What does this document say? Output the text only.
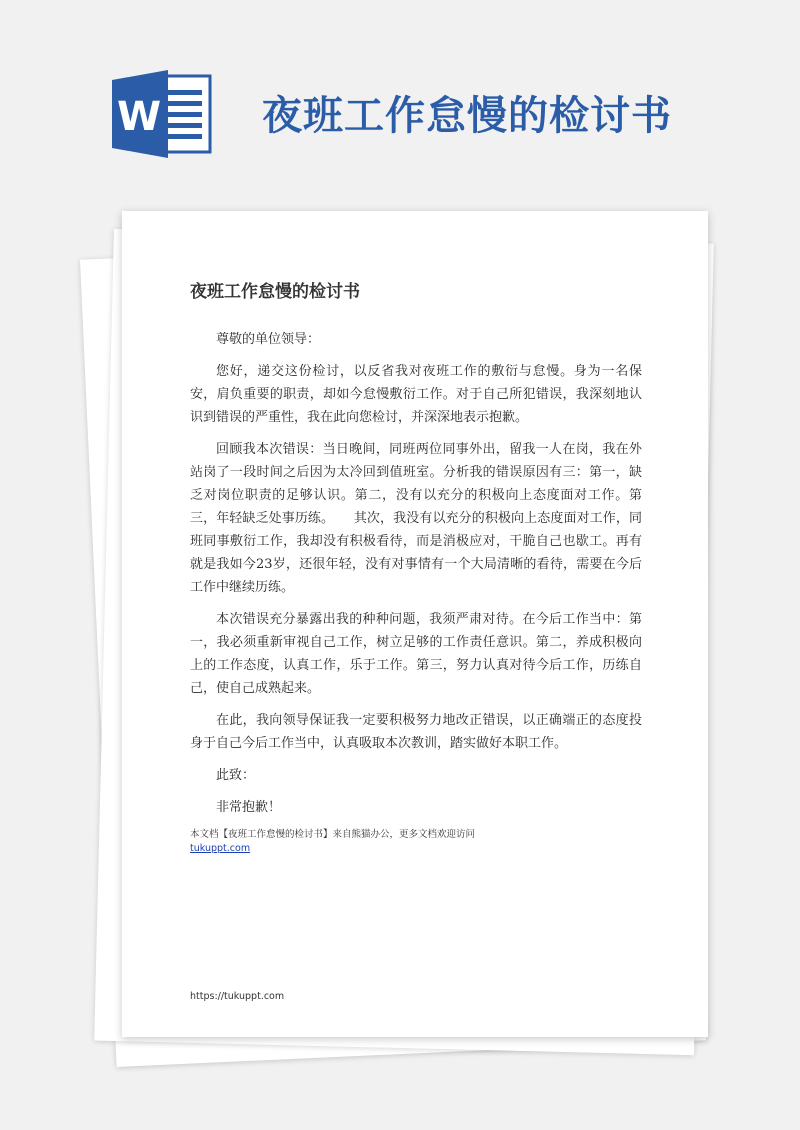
W	夜班工作怠慢的检讨书
夜班工作怠慢的检讨书

尊敬的单位领导：

您好，递交这份检讨，以反省我对夜班工作的敷衍与怠慢。身为一名保安，肩负重要的职责，却如今怠慢敷衍工作。对于自己所犯错误，我深刻地认识到错误的严重性，我在此向您检讨，并深深地表示抱歉。

回顾我本次错误：当日晚间，同班两位同事外出，留我一人在岗，我在外站岗了一段时间之后因为太冷回到值班室。分析我的错误原因有三：第一，缺乏对岗位职责的足够认识。第二，没有以充分的积极向上态度面对工作。第三，年轻缺乏处事历练。　　其次，我没有以充分的积极向上态度面对工作，同班同事敷衍工作，我却没有积极看待，而是消极应对，干脆自己也歇工。再有就是我如今23岁，还很年轻，没有对事情有一个大局清晰的看待，需要在今后工作中继续历练。

本次错误充分暴露出我的种种问题，我须严肃对待。在今后工作当中：第一，我必须重新审视自己工作，树立足够的工作责任意识。第二，养成积极向上的工作态度，认真工作，乐于工作。第三，努力认真对待今后工作，历练自己，使自己成熟起来。

在此，我向领导保证我一定要积极努力地改正错误，以正确端正的态度投身于自己今后工作当中，认真吸取本次教训，踏实做好本职工作。

此致：

非常抱歉！

本文档【夜班工作怠慢的检讨书】来自熊猫办公，更多文档欢迎访问

tukuppt.com
https://tukuppt.com
